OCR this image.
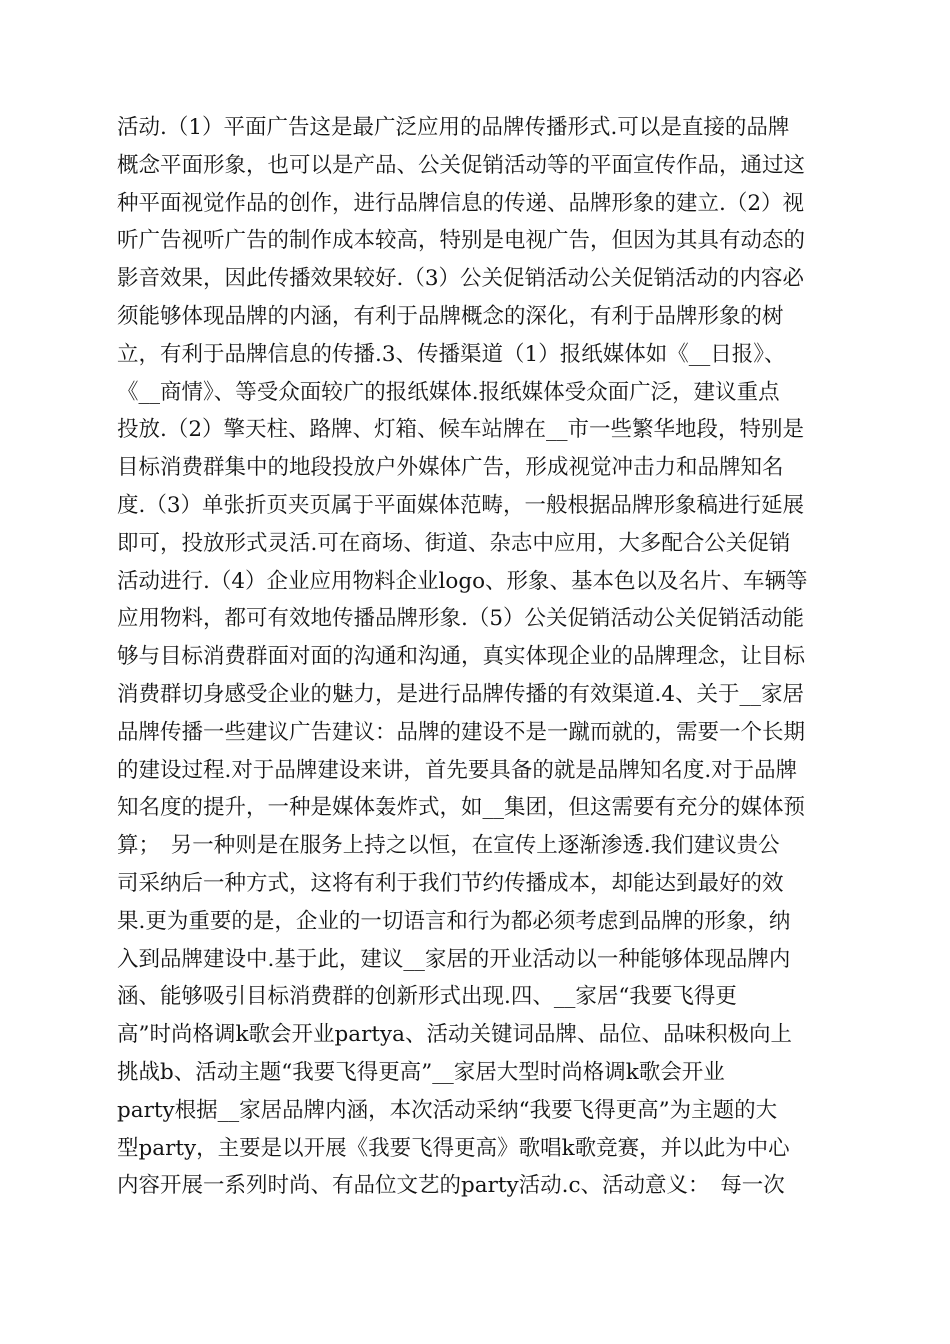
活动.（1）平面广告这是最广泛应用的品牌传播形式.可以是直接的品牌
概念平面形象，也可以是产品、公关促销活动等的平面宣传作品，通过这
种平面视觉作品的创作，进行品牌信息的传递、品牌形象的建立.（2）视
听广告视听广告的制作成本较高，特别是电视广告，但因为其具有动态的
影音效果，因此传播效果较好.（3）公关促销活动公关促销活动的内容必
须能够体现品牌的内涵，有利于品牌概念的深化，有利于品牌形象的树
立，有利于品牌信息的传播.3、传播渠道（1）报纸媒体如《__日报》、
《__商情》、等受众面较广的报纸媒体.报纸媒体受众面广泛，建议重点
投放.（2）擎天柱、路牌、灯箱、候车站牌在__市一些繁华地段，特别是
目标消费群集中的地段投放户外媒体广告，形成视觉冲击力和品牌知名
度.（3）单张折页夹页属于平面媒体范畴，一般根据品牌形象稿进行延展
即可，投放形式灵活.可在商场、街道、杂志中应用，大多配合公关促销
活动进行.（4）企业应用物料企业logo、形象、基本色以及名片、车辆等
应用物料，都可有效地传播品牌形象.（5）公关促销活动公关促销活动能
够与目标消费群面对面的沟通和沟通，真实体现企业的品牌理念，让目标
消费群切身感受企业的魅力，是进行品牌传播的有效渠道.4、关于__家居
品牌传播一些建议广告建议：品牌的建设不是一蹴而就的，需要一个长期
的建设过程.对于品牌建设来讲，首先要具备的就是品牌知名度.对于品牌
知名度的提升，一种是媒体轰炸式，如__集团，但这需要有充分的媒体预
算；　另一种则是在服务上持之以恒，在宣传上逐渐渗透.我们建议贵公
司采纳后一种方式，这将有利于我们节约传播成本，却能达到最好的效
果.更为重要的是，企业的一切语言和行为都必须考虑到品牌的形象，纳
入到品牌建设中.基于此，建议__家居的开业活动以一种能够体现品牌内
涵、能够吸引目标消费群的创新形式出现.四、__家居“我要飞得更
高”时尚格调k歌会开业partya、活动关键词品牌、品位、品味积极向上
挑战b、活动主题“我要飞得更高”__家居大型时尚格调k歌会开业
party根据__家居品牌内涵，本次活动采纳“我要飞得更高”为主题的大
型party，主要是以开展《我要飞得更高》歌唱k歌竞赛，并以此为中心
内容开展一系列时尚、有品位文艺的party活动.c、活动意义：　每一次
